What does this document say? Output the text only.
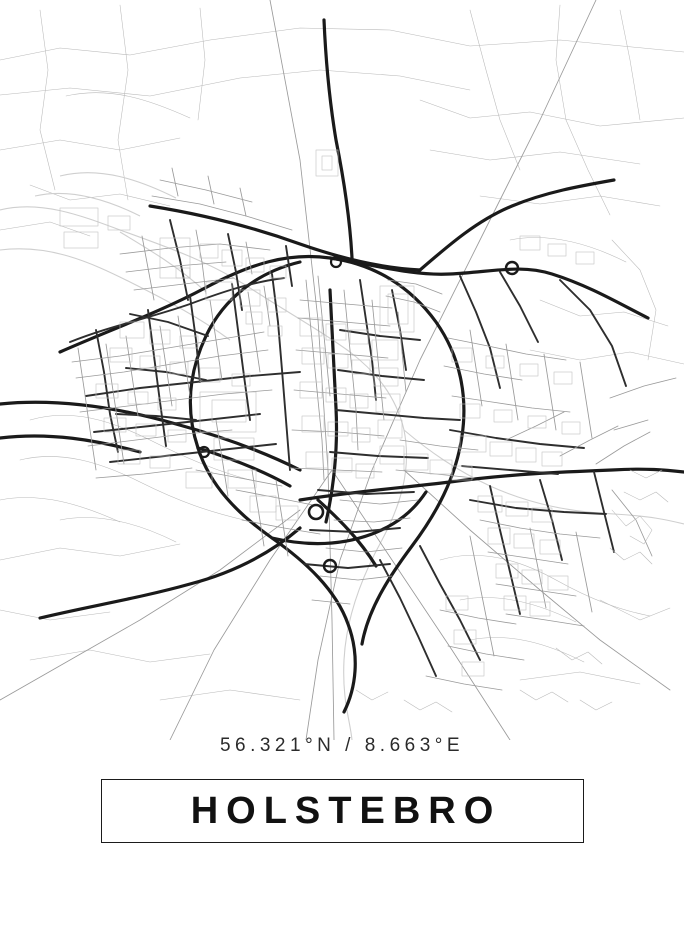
56.321°N / 8.663°E
HOLSTEBRO
